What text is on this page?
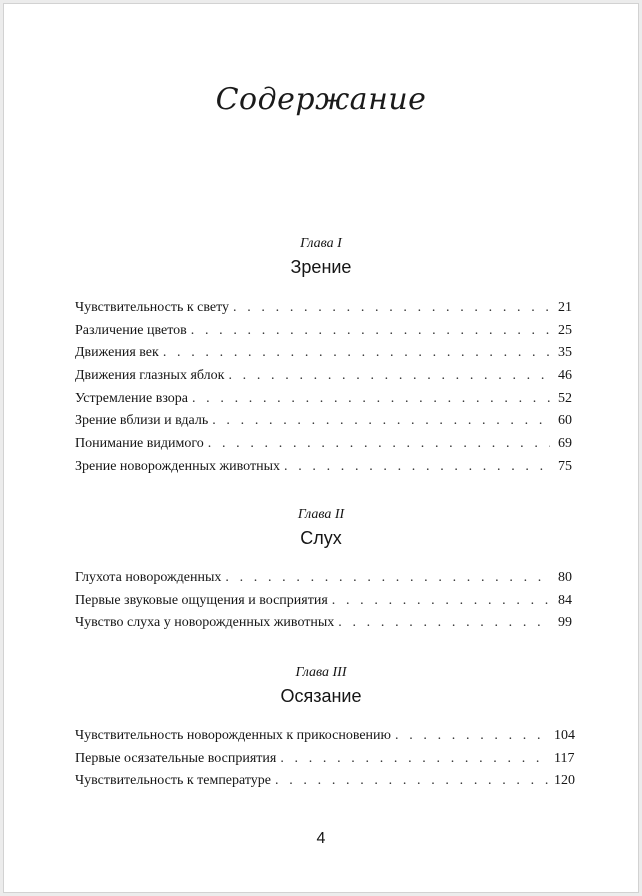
Содержание
Глава I
Зрение
Чувствительность к свету . . .	21
Различение цветов . . .	25
Движения век . . .	35
Движения глазных яблок . . .	46
Устремление взора . . .	52
Зрение вблизи и вдаль . . .	60
Понимание видимого . . .	69
Зрение новорожденных животных . . .	75
Глава II
Слух
Глухота новорожденных . . .	80
Первые звуковые ощущения и восприятия . . .	84
Чувство слуха у новорожденных животных . . .	99
Глава III
Осязание
Чувствительность новорожденных к прикосновению . . .	104
Первые осязательные восприятия . . .	117
Чувствительность к температуре . . .	120
4
